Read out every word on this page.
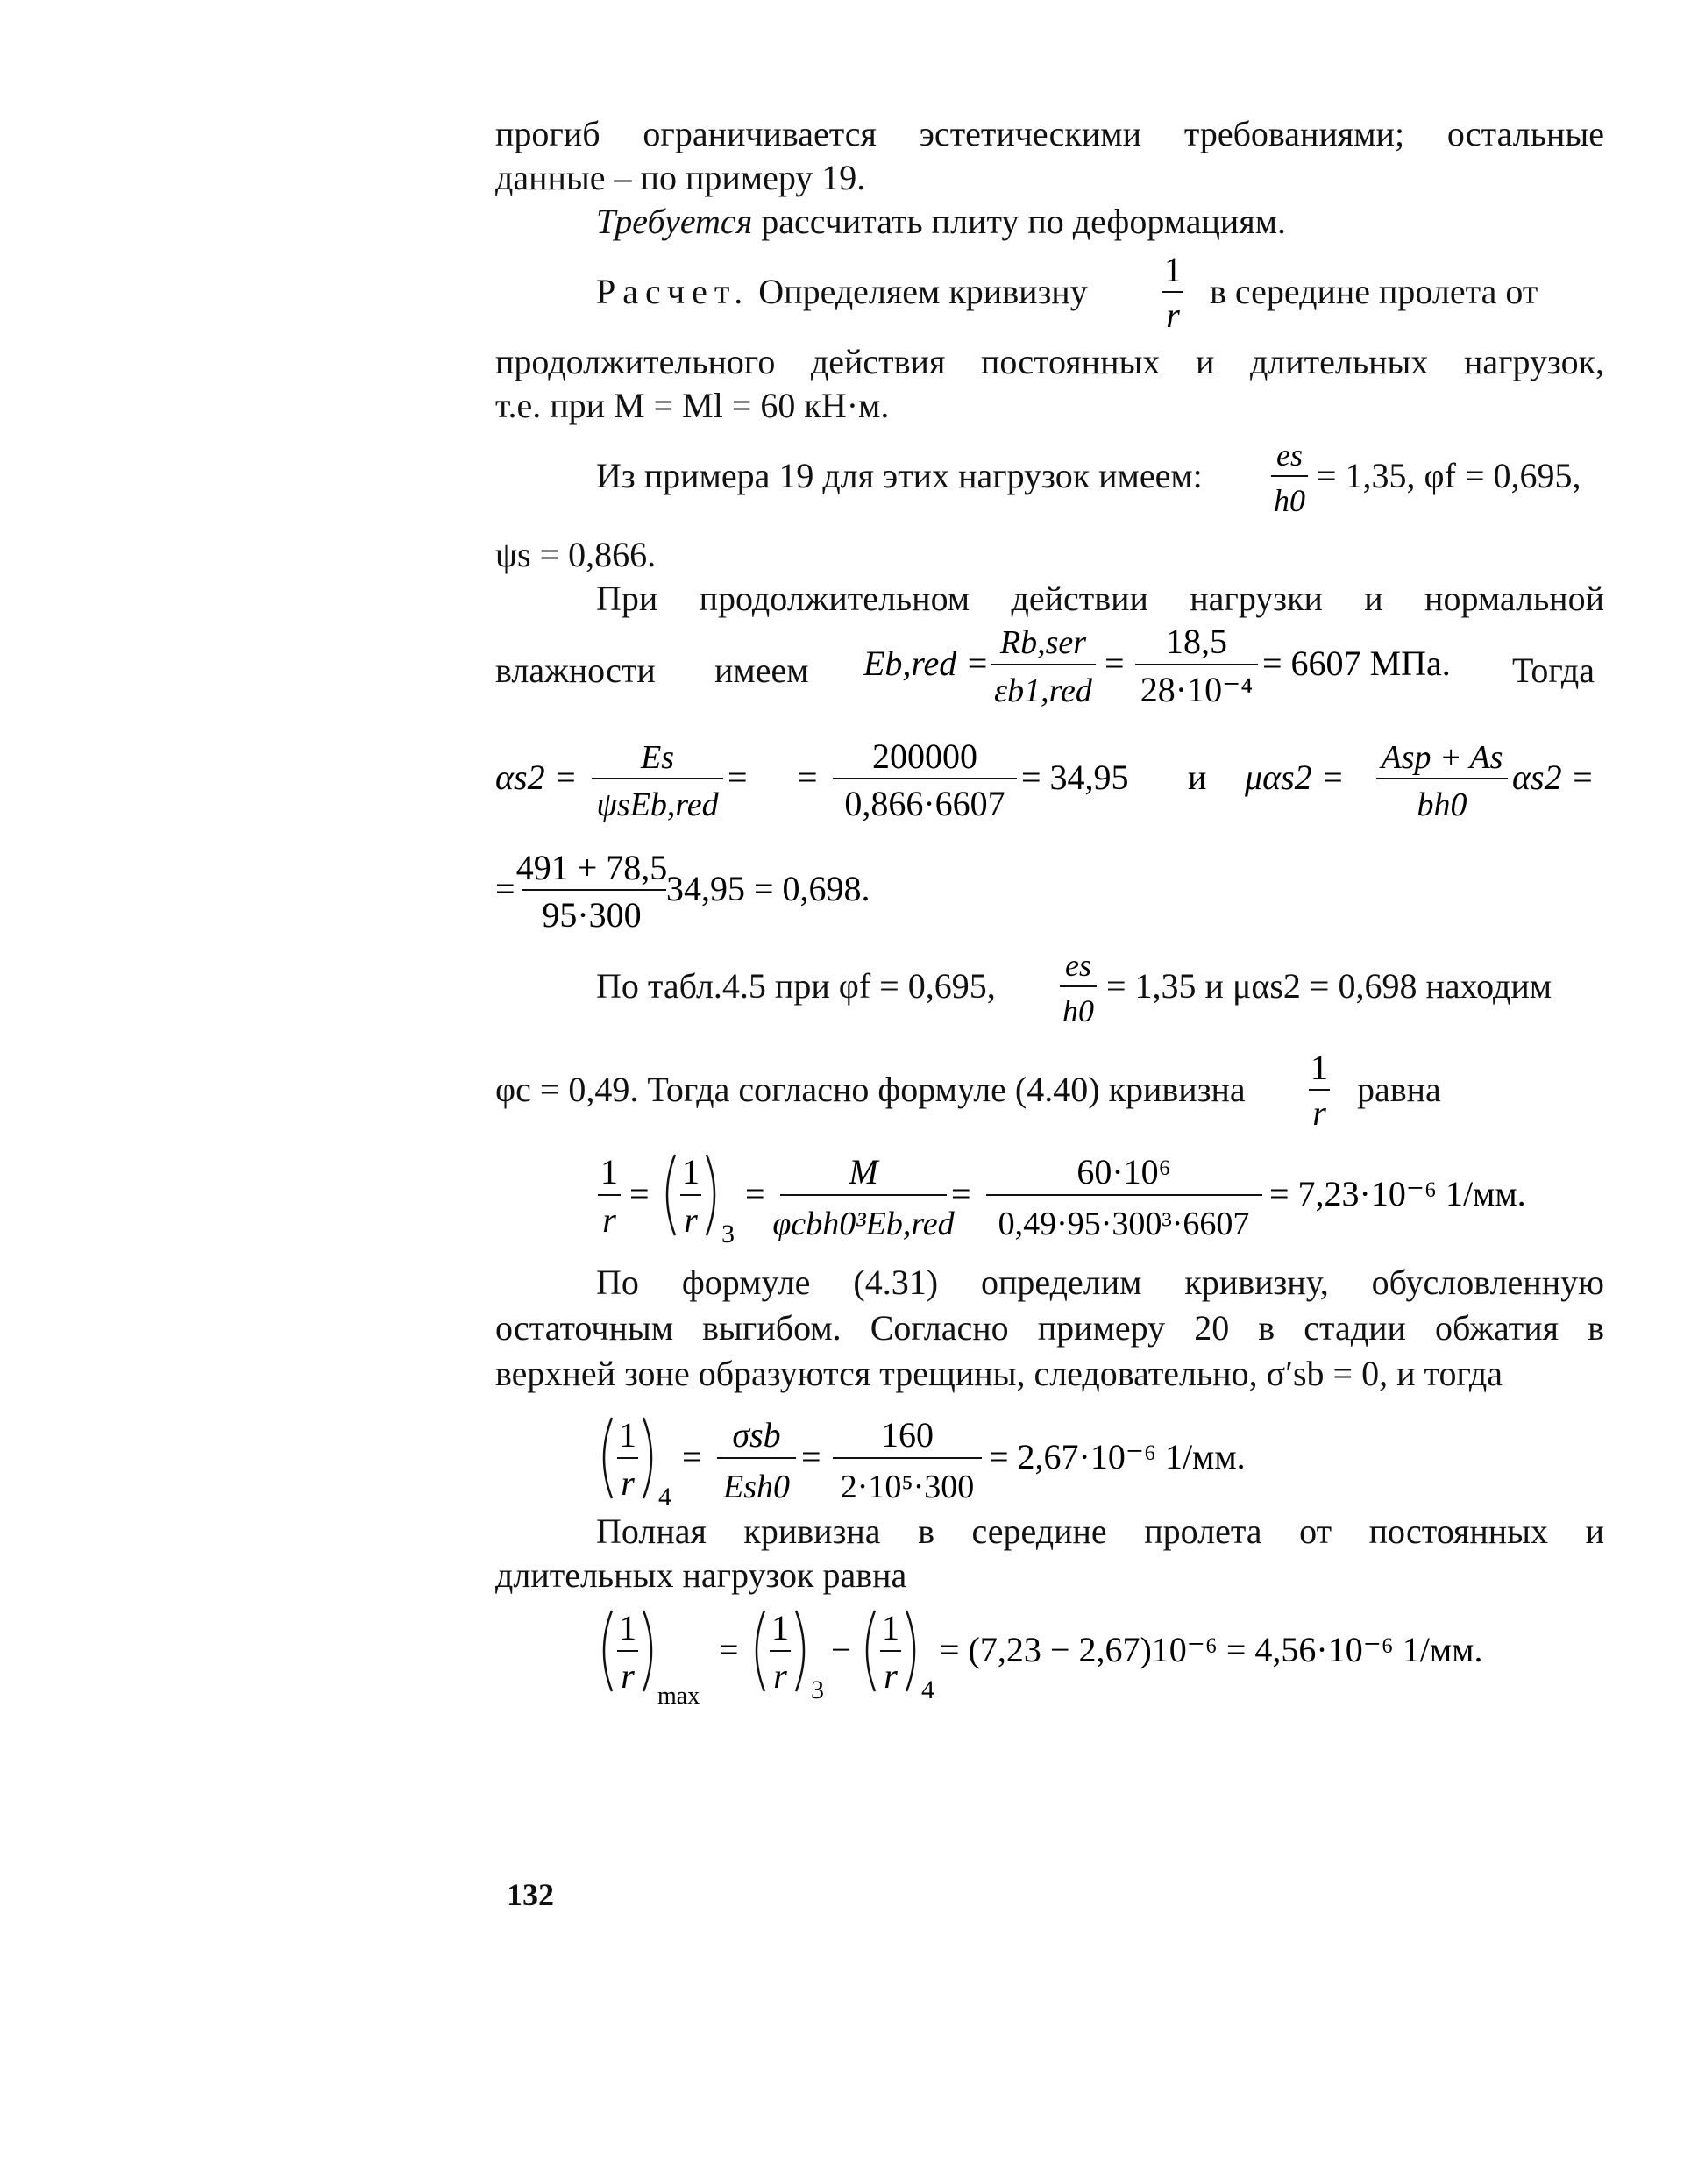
прогиб ограничивается эстетическими требованиями; остальные
данные – по примеру 19.
Требуется рассчитать плиту по деформациям.
Расчет. Определяем кривизну
1
r
в середине пролета от
продолжительного действия постоянных и длительных нагрузок,
т.е. при M = Ml = 60 кН·м.
Из примера 19 для этих нагрузок имеем:
es
h0
= 1,35, φf = 0,695,
ψs = 0,866.
При продолжительном действии нагрузки и нормальной
влажности имеем Eb,red =
Rb,ser
εb1,red
=
18,5
28·10⁻⁴
= 6607 МПа. Тогда
αs2 = Es
ψsEb,red
= =
200000
0,866·6607
= 34,95 и μαs2 = Asp + As
bh0
αs2 =
=
491 + 78,5
95·300
34,95 = 0,698.
По табл.4.5 при φf = 0,695,
es
h0
= 1,35 и μαs2 = 0,698 находим
φc = 0,49. Тогда согласно формуле (4.40) кривизна
1
r
равна
1
r
=
1
r 3
=
M
φcbh0³Eb,red
=
60·10⁶
0,49·95·300³·6607
= 7,23·10⁻⁶ 1/мм.
По формуле (4.31) определим кривизну, обусловленную
остаточным выгибом. Согласно примеру 20 в стадии обжатия в
верхней зоне образуются трещины, следовательно, σ′sb = 0, и тогда
1
r 4
=
σsb
Esh0
=
160
2·10⁵·300
= 2,67·10⁻⁶ 1/мм.
Полная кривизна в середине пролета от постоянных и
длительных нагрузок равна
1
r
max
=
1
r 3
−
1
r 4
= (7,23 − 2,67)10⁻⁶ = 4,56·10⁻⁶ 1/мм.
132
